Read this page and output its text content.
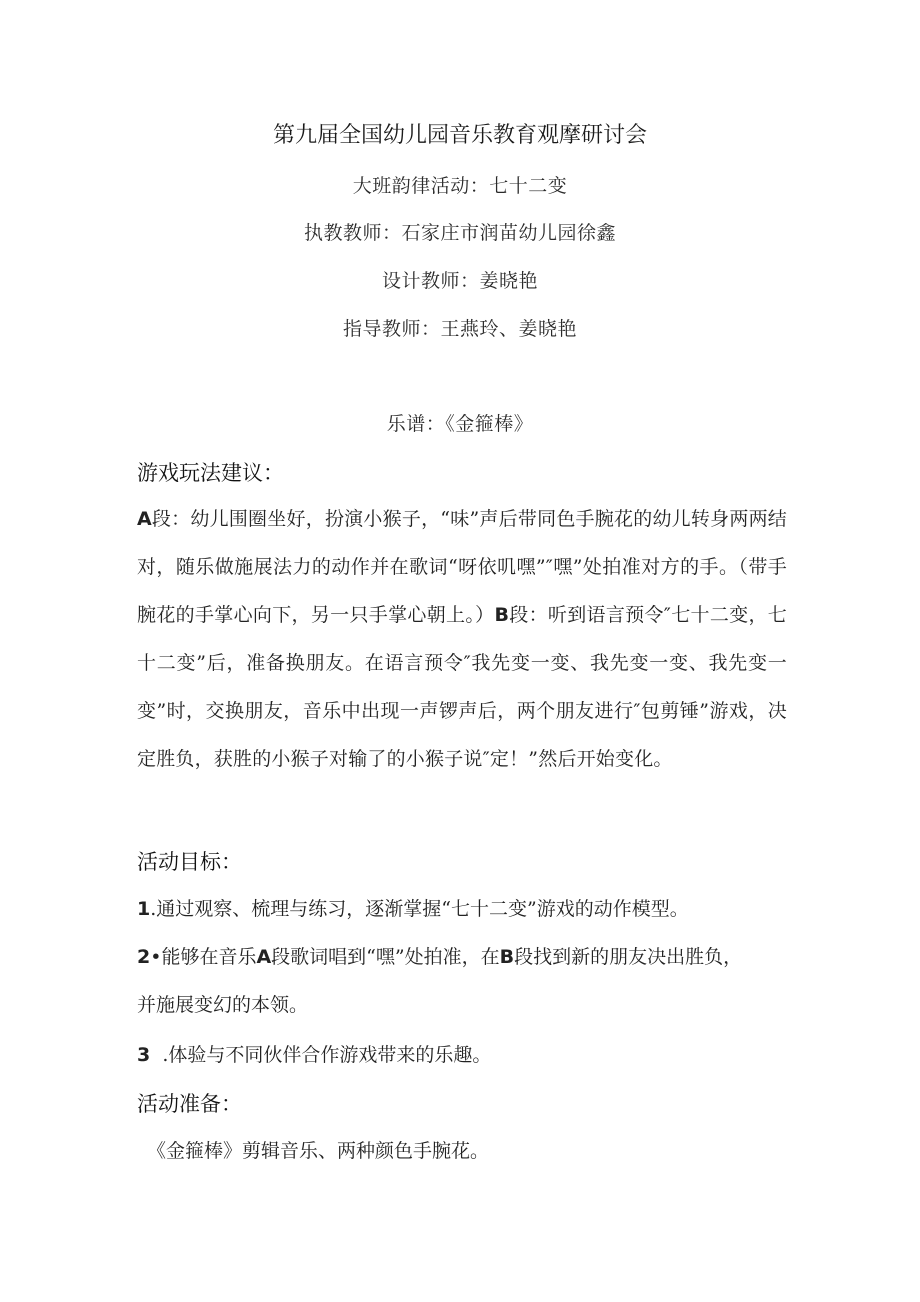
第九届全国幼儿园音乐教育观摩研讨会
大班韵律活动：七十二变
执教教师：石家庄市润苗幼儿园徐鑫
设计教师：姜晓艳
指导教师：王燕玲、姜晓艳
乐谱：《金箍棒》
游戏玩法建议：
A段：幼儿围圈坐好，扮演小猴子，“味”声后带同色手腕花的幼儿转身两两结对，随乐做施展法力的动作并在歌词“呀依叽嘿”″嘿”处拍准对方的手。（带手腕花的手掌心向下，另一只手掌心朝上。）B段：听到语言预令″七十二变，七十二变”后，准备换朋友。在语言预令″我先变一变、我先变一变、我先变一变”时，交换朋友，音乐中出现一声锣声后，两个朋友进行″包剪锤”游戏，决定胜负，获胜的小猴子对输了的小猴子说″定！”然后开始变化。
活动目标：
1.通过观察、梳理与练习，逐渐掌握“七十二变”游戏的动作模型。
2•能够在音乐A段歌词唱到“嘿”处拍准，在B段找到新的朋友决出胜负，
并施展变幻的本领。
3 .体验与不同伙伴合作游戏带来的乐趣。
活动准备：
《金箍棒》剪辑音乐、两种颜色手腕花。
